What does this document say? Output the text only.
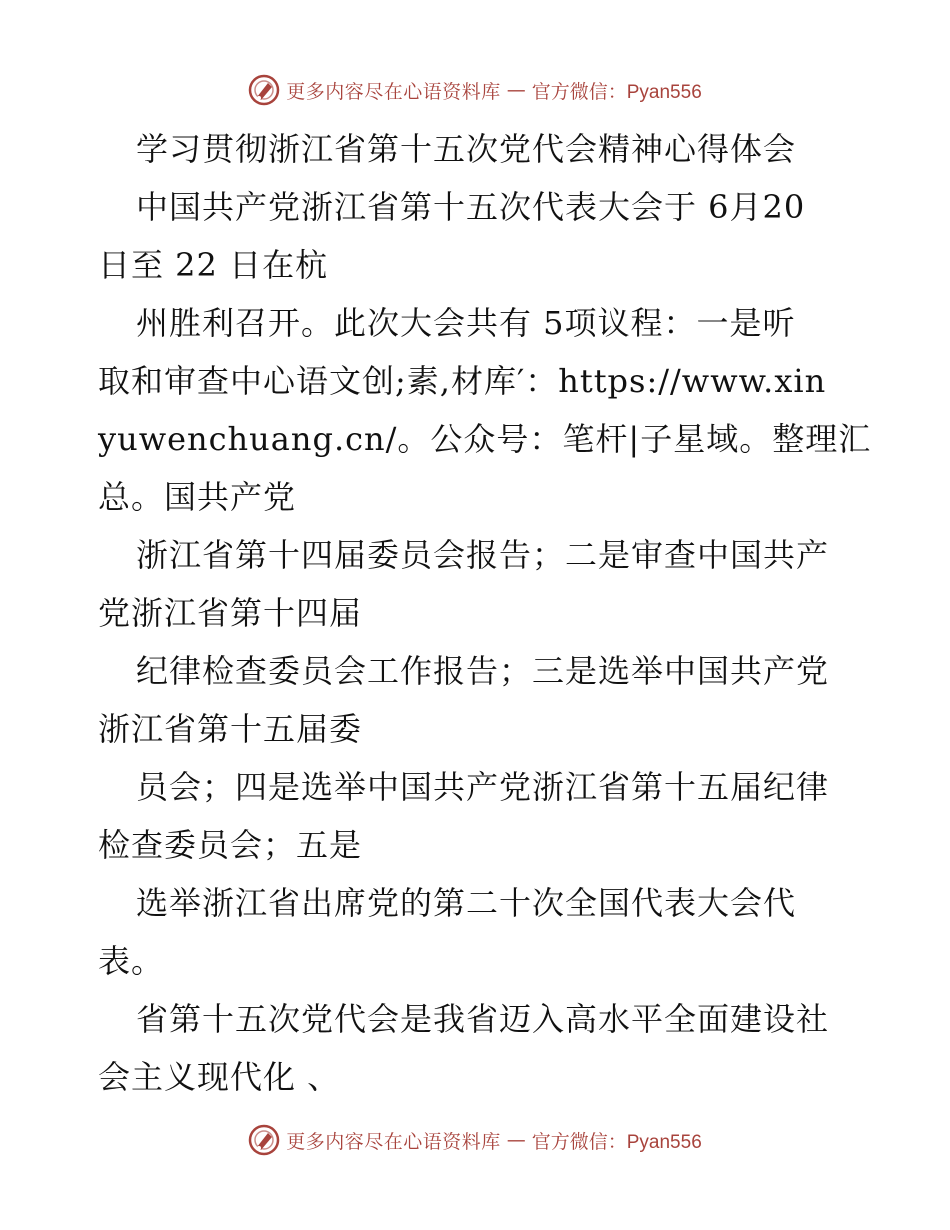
更多内容尽在心语资料库 — 官方微信：Pyan556
学习贯彻浙江省第十五次党代会精神心得体会
中国共产党浙江省第十五次代表大会于 6月20
日至 22 日在杭
州胜利召开。此次大会共有 5项议程：一是听
取和审查中心语文创;素,材库′：https://www.xin
yuwenchuang.cn/。公众号：笔杆|子星域。整理汇
总。国共产党
浙江省第十四届委员会报告；二是审查中国共产
党浙江省第十四届
纪律检查委员会工作报告；三是选举中国共产党
浙江省第十五届委
员会；四是选举中国共产党浙江省第十五届纪律
检查委员会；五是
选举浙江省出席党的第二十次全国代表大会代
表。
省第十五次党代会是我省迈入高水平全面建设社
会主义现代化 、
更多内容尽在心语资料库 — 官方微信：Pyan556
